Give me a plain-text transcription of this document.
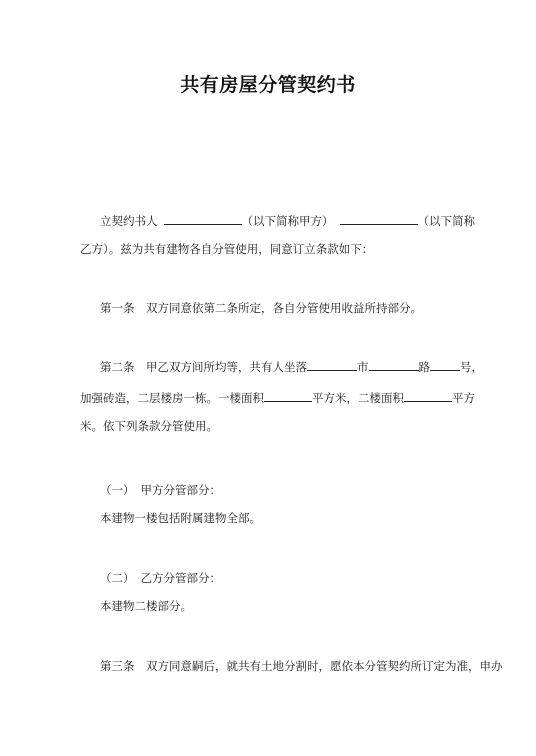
共有房屋分管契约书
立契约书人	（以下简称甲方）	（以下简称
乙方）。兹为共有建物各自分管使用，同意订立条款如下：
第一条　双方同意依第二条所定，各自分管使用收益所持部分。
第二条　甲乙双方间所均等，共有人坐落	市	路	号，
加强砖造，二层楼房一栋。一楼面积	平方米，二楼面积	平方
米。依下列条款分管使用。
（一） 甲方分管部分：
本建物一楼包括附属建物全部。
（二） 乙方分管部分：
本建物二楼部分。
第三条　双方同意嗣后，就共有土地分割时，愿依本分管契约所订定为准，申办
